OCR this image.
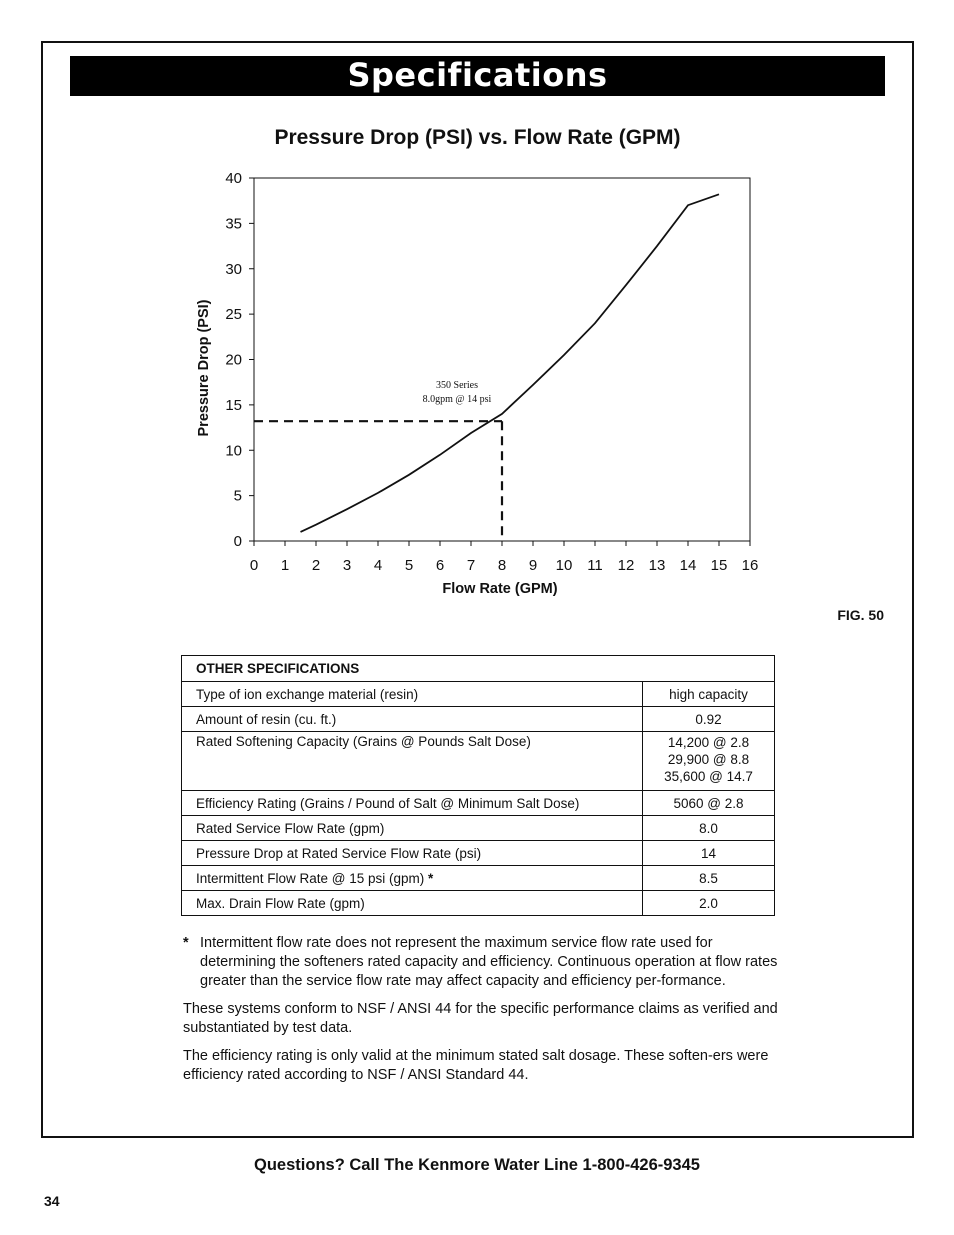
Specifications
Pressure Drop (PSI) vs. Flow Rate (GPM)
0
5
10
15
20
25
30
35
40
0 1 2 3 4 5 6 7 8 9 10 11 12 13 14 15 16
Pressure Drop (PSI)
Flow Rate (GPM)
350 Series
8.0gpm @ 14 psi
FIG. 50
OTHER SPECIFICATIONS	
Type of ion exchange material (resin)	high capacity
Amount of resin (cu. ft.)	0.92
Rated Softening Capacity (Grains @ Pounds Salt Dose)	14,200 @ 2.8
29,900 @ 8.8
35,600 @ 14.7

Efficiency Rating (Grains / Pound of Salt @ Minimum Salt Dose)	5060 @ 2.8
Rated Service Flow Rate (gpm)	8.0
Pressure Drop at Rated Service Flow Rate (psi)	14
Intermittent Flow Rate @ 15 psi (gpm) *	8.5
Max. Drain Flow Rate (gpm)	2.0

* Intermittent flow rate does not represent the maximum service flow rate used for determining the softeners rated capacity and efficiency. Continuous operation at flow rates greater than the service flow rate may affect capacity and efficiency per-formance.

These systems conform to NSF / ANSI 44 for the specific performance claims as verified and substantiated by test data.

The efficiency rating is only valid at the minimum stated salt dosage. These soften-ers were efficiency rated according to NSF / ANSI Standard 44.

Questions? Call The Kenmore Water Line 1-800-426-9345
34
